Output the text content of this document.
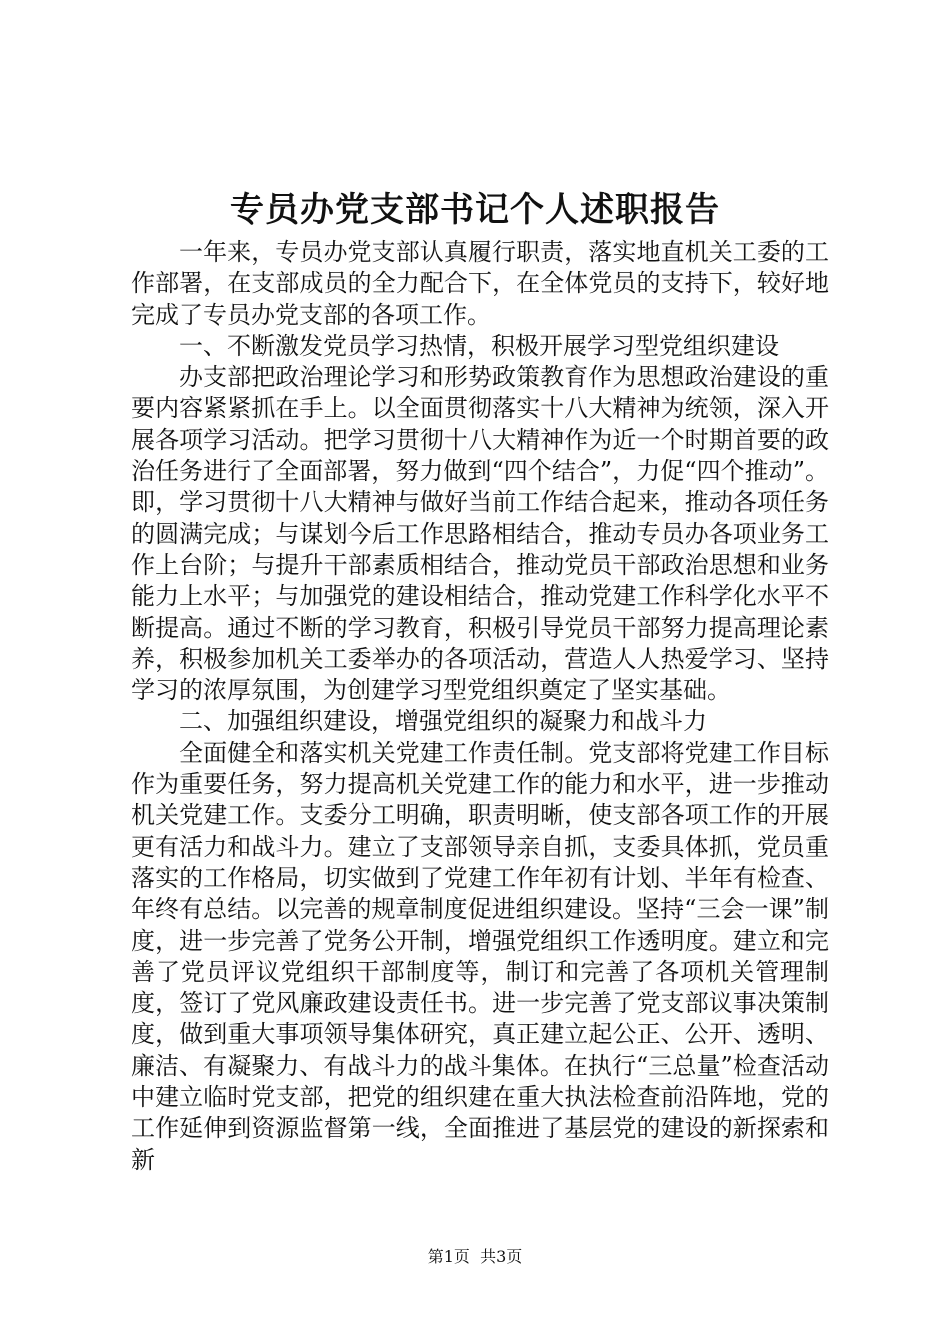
专员办党支部书记个人述职报告

一年来，专员办党支部认真履行职责，落实地直机关工委的工作部署，在支部成员的全力配合下，在全体党员的支持下，较好地完成了专员办党支部的各项工作。

一、不断激发党员学习热情，积极开展学习型党组织建设

办支部把政治理论学习和形势政策教育作为思想政治建设的重要内容紧紧抓在手上。以全面贯彻落实十八大精神为统领，深入开展各项学习活动。把学习贯彻十八大精神作为近一个时期首要的政治任务进行了全面部署，努力做到“四个结合”，力促“四个推动”。即，学习贯彻十八大精神与做好当前工作结合起来，推动各项任务的圆满完成；与谋划今后工作思路相结合，推动专员办各项业务工作上台阶；与提升干部素质相结合，推动党员干部政治思想和业务能力上水平；与加强党的建设相结合，推动党建工作科学化水平不断提高。通过不断的学习教育，积极引导党员干部努力提高理论素养，积极参加机关工委举办的各项活动，营造人人热爱学习、坚持学习的浓厚氛围，为创建学习型党组织奠定了坚实基础。

二、加强组织建设，增强党组织的凝聚力和战斗力

全面健全和落实机关党建工作责任制。党支部将党建工作目标作为重要任务，努力提高机关党建工作的能力和水平，进一步推动机关党建工作。支委分工明确，职责明晰，使支部各项工作的开展更有活力和战斗力。建立了支部领导亲自抓，支委具体抓，党员重落实的工作格局，切实做到了党建工作年初有计划、半年有检查、年终有总结。以完善的规章制度促进组织建设。坚持“三会一课”制度，进一步完善了党务公开制，增强党组织工作透明度。建立和完善了党员评议党组织干部制度等，制订和完善了各项机关管理制度，签订了党风廉政建设责任书。进一步完善了党支部议事决策制度，做到重大事项领导集体研究，真正建立起公正、公开、透明、廉洁、有凝聚力、有战斗力的战斗集体。在执行“三总量”检查活动中建立临时党支部，把党的组织建在重大执法检查前沿阵地，党的工作延伸到资源监督第一线，全面推进了基层党的建设的新探索和新

第1页 共3页
